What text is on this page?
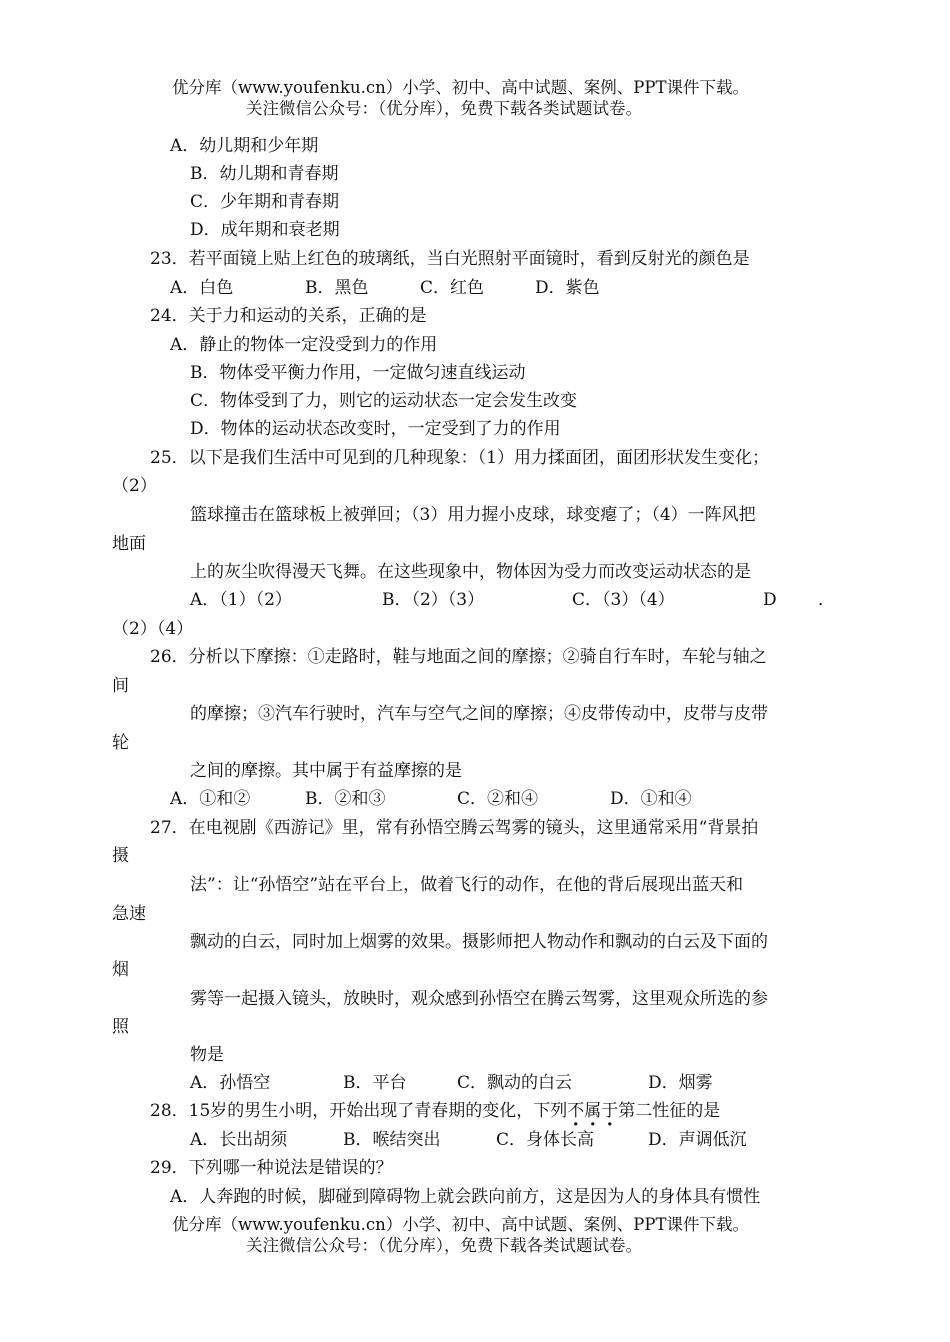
优分库（www.youfenku.cn）小学、初中、高中试题、案例、PPT课件下载。
关注微信公众号：（优分库），免费下载各类试题试卷。
A．幼儿期和少年期
B．幼儿期和青春期
C．少年期和青春期
D．成年期和衰老期
23．若平面镜上贴上红色的玻璃纸，当白光照射平面镜时，看到反射光的颜色是
A．白色	B．黑色	C．红色	D．紫色
24．关于力和运动的关系，正确的是
A．静止的物体一定没受到力的作用
B．物体受平衡力作用，一定做匀速直线运动
C．物体受到了力，则它的运动状态一定会发生改变
D．物体的运动状态改变时，一定受到了力的作用
25．以下是我们生活中可见到的几种现象：（1）用力揉面团，面团形状发生变化；
（2）
篮球撞击在篮球板上被弹回；（3）用力握小皮球，球变瘪了；（4）一阵风把
地面
上的灰尘吹得漫天飞舞。在这些现象中，物体因为受力而改变运动状态的是
A．（1）（2）	B．（2）（3）	C．（3）（4）	D ．
（2）（4）
26．分析以下摩擦：①走路时，鞋与地面之间的摩擦；②骑自行车时，车轮与轴之
间
的摩擦；③汽车行驶时，汽车与空气之间的摩擦；④皮带传动中，皮带与皮带
轮
之间的摩擦。其中属于有益摩擦的是
A．①和②	B．②和③	C．②和④	D．①和④
27．在电视剧《西游记》里，常有孙悟空腾云驾雾的镜头，这里通常采用“背景拍
摄
法”：让“孙悟空”站在平台上，做着飞行的动作，在他的背后展现出蓝天和
急速
飘动的白云，同时加上烟雾的效果。摄影师把人物动作和飘动的白云及下面的
烟
雾等一起摄入镜头，放映时，观众感到孙悟空在腾云驾雾，这里观众所选的参
照
物是
A．孙悟空	B．平台	C．飘动的白云	D．烟雾
28．15岁的男生小明，开始出现了青春期的变化，下列不属于第二性征的是
A．长出胡须	B．喉结突出	C．身体长高	D．声调低沉
29．下列哪一种说法是错误的？
A．人奔跑的时候，脚碰到障碍物上就会跌向前方，这是因为人的身体具有惯性
优分库（www.youfenku.cn）小学、初中、高中试题、案例、PPT课件下载。
关注微信公众号：（优分库），免费下载各类试题试卷。
